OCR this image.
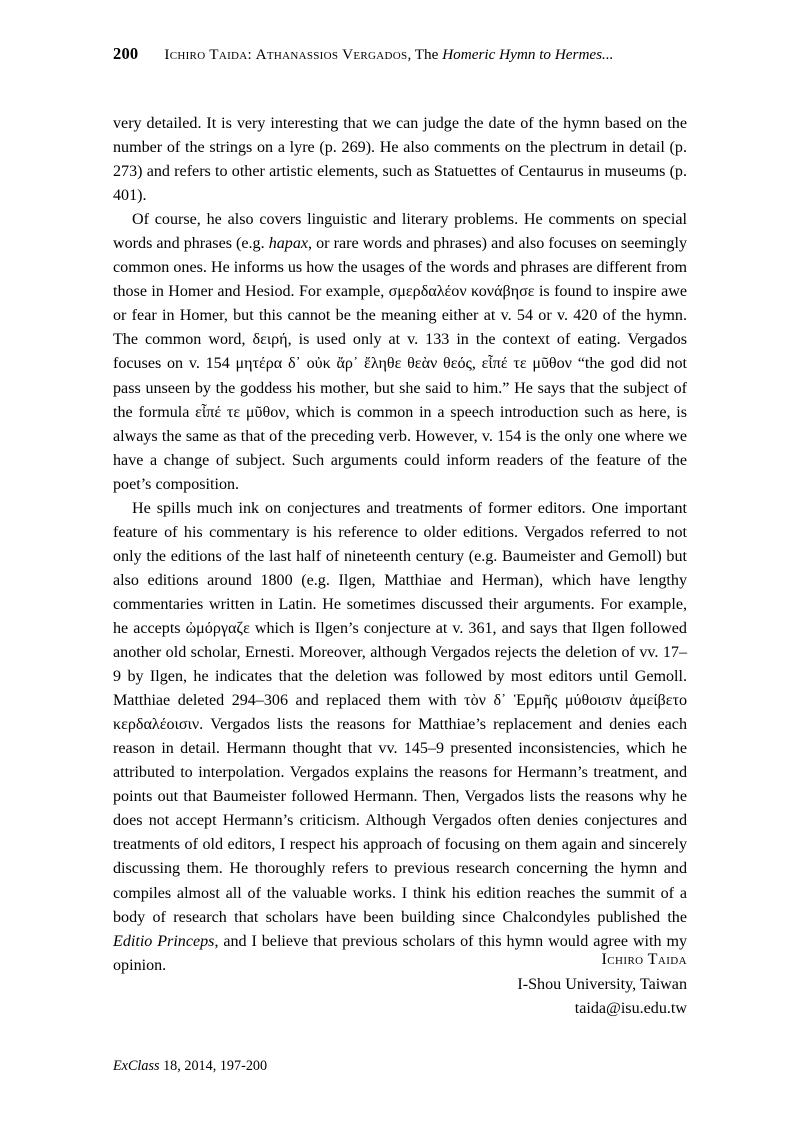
200 Ichiro Taida: Athanassios Vergados, The Homeric Hymn to Hermes...

very detailed. It is very interesting that we can judge the date of the hymn based on the number of the strings on a lyre (p. 269). He also comments on the plectrum in detail (p. 273) and refers to other artistic elements, such as Statuettes of Centaurus in museums (p. 401).

Of course, he also covers linguistic and literary problems. He comments on special words and phrases (e.g. hapax, or rare words and phrases) and also focuses on seemingly common ones. He informs us how the usages of the words and phrases are different from those in Homer and Hesiod. For example, σμερδαλέον κονάβησε is found to inspire awe or fear in Homer, but this cannot be the meaning either at v. 54 or v. 420 of the hymn. The common word, δειρή, is used only at v. 133 in the context of eating. Vergados focuses on v. 154 μητέρα δ᾽ οὐκ ἄρ᾽ ἔληθε θεὰν θεός, εἶπέ τε μῦθον “the god did not pass unseen by the goddess his mother, but she said to him.” He says that the subject of the formula εἶπέ τε μῦθον, which is common in a speech introduction such as here, is always the same as that of the preceding verb. However, v. 154 is the only one where we have a change of subject. Such arguments could inform readers of the feature of the poet’s composition.

He spills much ink on conjectures and treatments of former editors. One important feature of his commentary is his reference to older editions. Vergados referred to not only the editions of the last half of nineteenth century (e.g. Baumeister and Gemoll) but also editions around 1800 (e.g. Ilgen, Matthiae and Herman), which have lengthy commentaries written in Latin. He sometimes discussed their arguments. For example, he accepts ὠμόργαζε which is Ilgen’s conjecture at v. 361, and says that Ilgen followed another old scholar, Ernesti. Moreover, although Vergados rejects the deletion of vv. 17–9 by Ilgen, he indicates that the deletion was followed by most editors until Gemoll. Matthiae deleted 294–306 and replaced them with τὸν δ᾽ Ἑρμῆς μύθοισιν ἀμείβετο κερδαλέοισιν. Vergados lists the reasons for Matthiae’s replacement and denies each reason in detail. Hermann thought that vv. 145–9 presented inconsistencies, which he attributed to interpolation. Vergados explains the reasons for Hermann’s treatment, and points out that Baumeister followed Hermann. Then, Vergados lists the reasons why he does not accept Hermann’s criticism. Although Vergados often denies conjectures and treatments of old editors, I respect his approach of focusing on them again and sincerely discussing them. He thoroughly refers to previous research concerning the hymn and compiles almost all of the valuable works. I think his edition reaches the summit of a body of research that scholars have been building since Chalcondyles published the Editio Princeps, and I believe that previous scholars of this hymn would agree with my opinion.	Ichiro Taida
I-Shou University, Taiwan
taida@isu.edu.tw
ExClass 18, 2014, 197-200
